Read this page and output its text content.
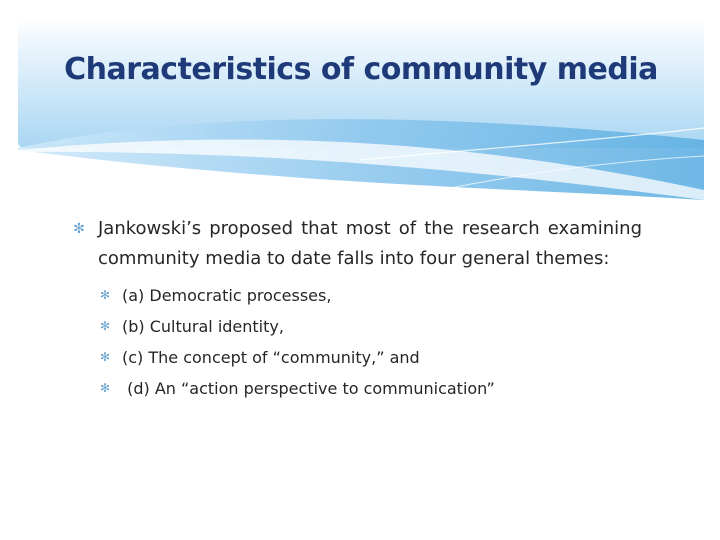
Characteristics of community media
✻ Jankowski’s proposed that most of the research examining community media to date falls into four general themes:
✻ (a) Democratic processes,
✻ (b) Cultural identity,
✻ (c) The concept of “community,” and
✻ (d) An “action perspective to communication”
